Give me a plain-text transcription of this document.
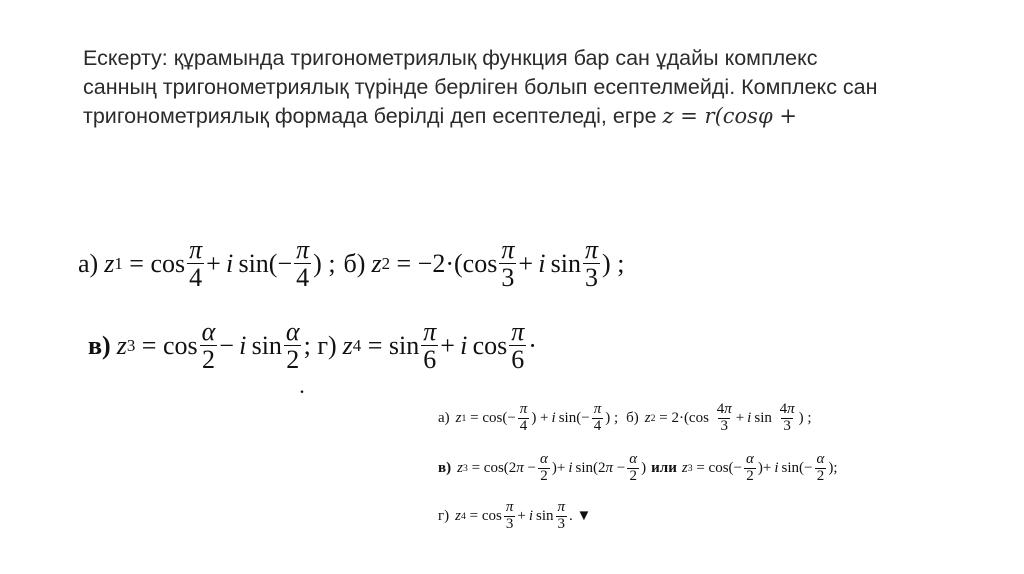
Ескерту: құрамында тригонометриялық функция бар сан ұдайы комплекс

санның тригонометриялық түрінде берліген болып есептелмейді. Комплекс сан

тригонометриялық формада берілді деп есептеледі, егре z = r(cosφ +

а) z $1 = \cos \frac{\pi}{4} + i$  $\sin(- \frac{\pi}{4}$ ) ; б) z $2 = -2\cdot(\cos \frac{\pi}{3} + i$  $\sin \frac{\pi}{3}$ ) ;
в) z $3 = \cos \frac{\alpha}{2} - i$  $\sin \frac{\alpha}{2}$ ; г) z $4 = \sin \frac{\pi}{6} + i$  $\cos \frac{\pi}{6}$ ·
.
а) z $1 = \cos(- \frac{\pi}{4}$ ) +  i  $\sin(- \frac{\pi}{4}$ ) ; б) z $2 = 2\cdot(\cos \frac{4\pi}{3} + i$  $\sin \frac{4\pi}{3}$ ) ;
в) z $3 = \cos(2\pi - \frac{\alpha}{2}$ )+  i  $\sin(2\pi - \frac{\alpha}{2}$ ) или z $3 = \cos(- \frac{\alpha}{2}$ )+  i  $\sin(- \frac{\alpha}{2}$ );
г) z $4 = \cos \frac{\pi}{3} + i$  $\sin \frac{\pi}{3}$ . ▼
